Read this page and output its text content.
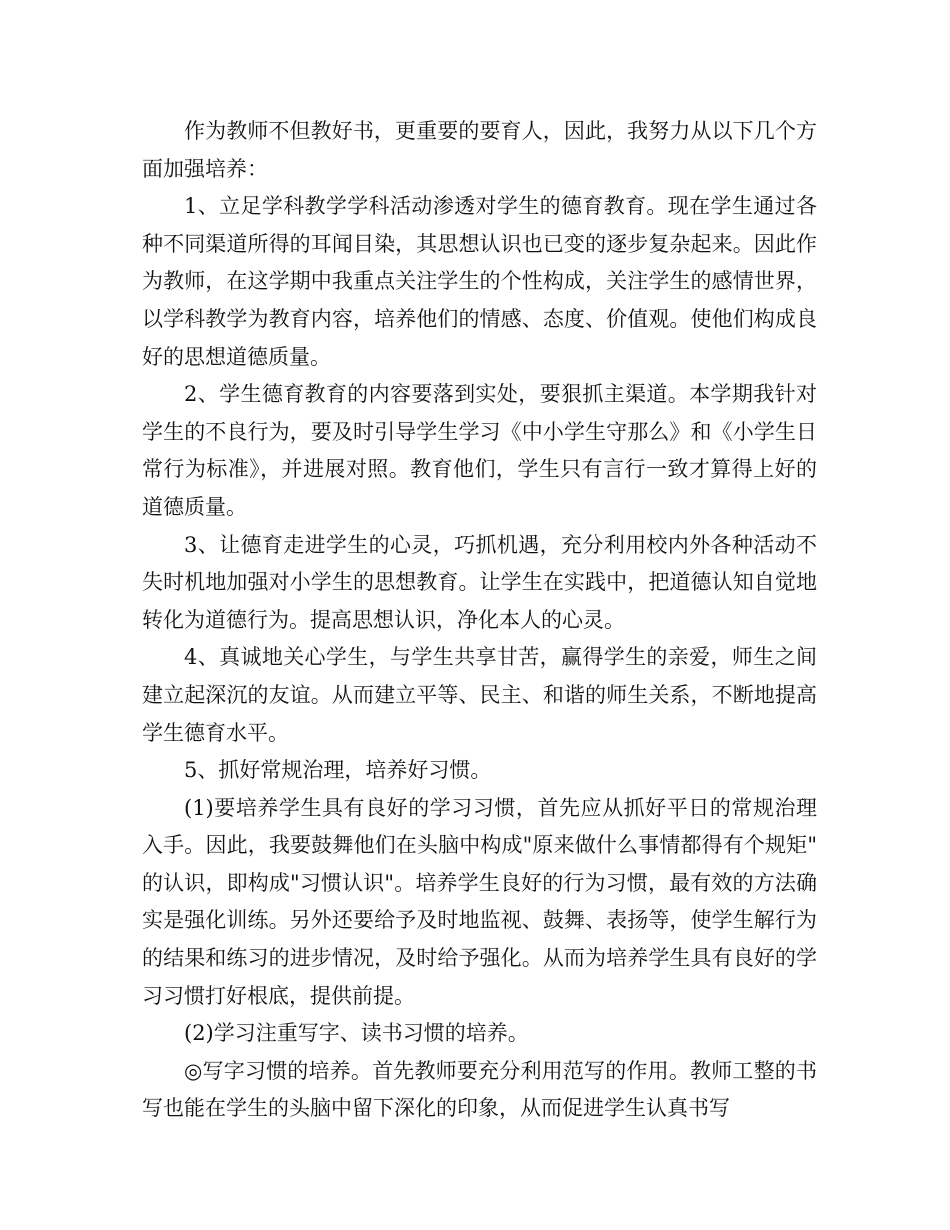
作为教师不但教好书，更重要的要育人，因此，我努力从以下几个方面加强培养：

1、立足学科教学学科活动渗透对学生的德育教育。现在学生通过各种不同渠道所得的耳闻目染，其思想认识也已变的逐步复杂起来。因此作为教师，在这学期中我重点关注学生的个性构成，关注学生的感情世界，以学科教学为教育内容，培养他们的情感、态度、价值观。使他们构成良好的思想道德质量。

2、学生德育教育的内容要落到实处，要狠抓主渠道。本学期我针对学生的不良行为，要及时引导学生学习《中小学生守那么》和《小学生日常行为标准》，并进展对照。教育他们，学生只有言行一致才算得上好的道德质量。

3、让德育走进学生的心灵，巧抓机遇，充分利用校内外各种活动不失时机地加强对小学生的思想教育。让学生在实践中，把道德认知自觉地转化为道德行为。提高思想认识，净化本人的心灵。

4、真诚地关心学生，与学生共享甘苦，赢得学生的亲爱，师生之间建立起深沉的友谊。从而建立平等、民主、和谐的师生关系，不断地提高学生德育水平。

5、抓好常规治理，培养好习惯。

(1)要培养学生具有良好的学习习惯，首先应从抓好平日的常规治理入手。因此，我要鼓舞他们在头脑中构成"原来做什么事情都得有个规矩"的认识，即构成"习惯认识"。培养学生良好的行为习惯，最有效的方法确实是强化训练。另外还要给予及时地监视、鼓舞、表扬等，使学生解行为的结果和练习的进步情况，及时给予强化。从而为培养学生具有良好的学习习惯打好根底，提供前提。

(2)学习注重写字、读书习惯的培养。

◎写字习惯的培养。首先教师要充分利用范写的作用。教师工整的书写也能在学生的头脑中留下深化的印象，从而促进学生认真书写
